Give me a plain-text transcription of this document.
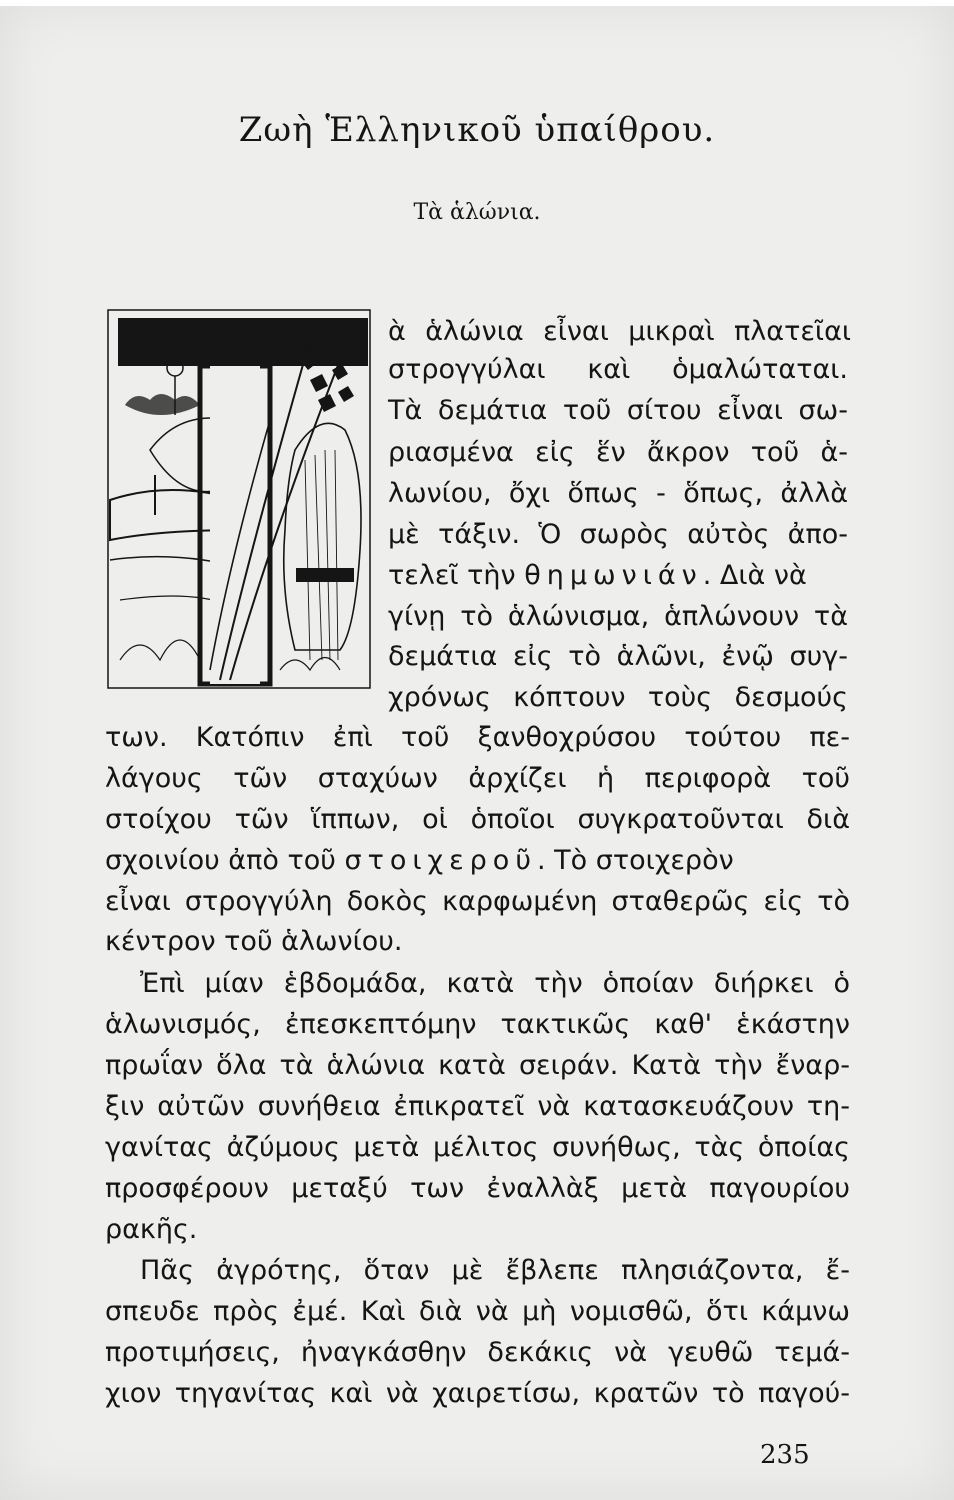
Ζωὴ Ἑλληνικοῦ ὑπαίθρου.
Τὰ ἁλώνια.
ὰ ἁλώνια εἶναι μικραὶ πλατεῖαι
στρογγύλαι καὶ ὁμαλώταται.
Τὰ δεμάτια τοῦ σίτου εἶναι σω-
ριασμένα εἰς ἕν ἄκρον τοῦ ἁ-
λωνίου, ὄχι ὅπως - ὅπως, ἀλλὰ
μὲ τάξιν. Ὁ σωρὸς αὐτὸς ἀπο-
τελεῖ τὴν θημωνιάν. Διὰ νὰ
γίνῃ τὸ ἁλώνισμα, ἁπλώνουν τὰ
δεμάτια εἰς τὸ ἁλῶνι, ἐνῷ συγ-
χρόνως κόπτουν τοὺς δεσμούς
των. Κατόπιν ἐπὶ τοῦ ξανθοχρύσου τούτου πε-
λάγους τῶν σταχύων ἀρχίζει ἡ περιφορὰ τοῦ
στοίχου τῶν ἵππων, οἱ ὁποῖοι συγκρατοῦνται διὰ
σχοινίου ἀπὸ τοῦ στοιχεροῦ. Τὸ στοιχερὸν
εἶναι στρογγύλη δοκὸς καρφωμένη σταθερῶς εἰς τὸ
κέντρον τοῦ ἁλωνίου.
Ἐπὶ μίαν ἑβδομάδα, κατὰ τὴν ὁποίαν διήρκει ὁ
ἁλωνισμός, ἐπεσκεπτόμην τακτικῶς καθ' ἑκάστην
πρωΐαν ὅλα τὰ ἁλώνια κατὰ σειράν. Κατὰ τὴν ἔναρ-
ξιν αὐτῶν συνήθεια ἐπικρατεῖ νὰ κατασκευάζουν τη-
γανίτας ἀζύμους μετὰ μέλιτος συνήθως, τὰς ὁποίας
προσφέρουν μεταξύ των ἐναλλὰξ μετὰ παγουρίου
ρακῆς.
Πᾶς ἀγρότης, ὅταν μὲ ἔβλεπε πλησιάζοντα, ἔ-
σπευδε πρὸς ἐμέ. Καὶ διὰ νὰ μὴ νομισθῶ, ὅτι κάμνω
προτιμήσεις, ἠναγκάσθην δεκάκις νὰ γευθῶ τεμά-
χιον τηγανίτας καὶ νὰ χαιρετίσω, κρατῶν τὸ παγού-
235
